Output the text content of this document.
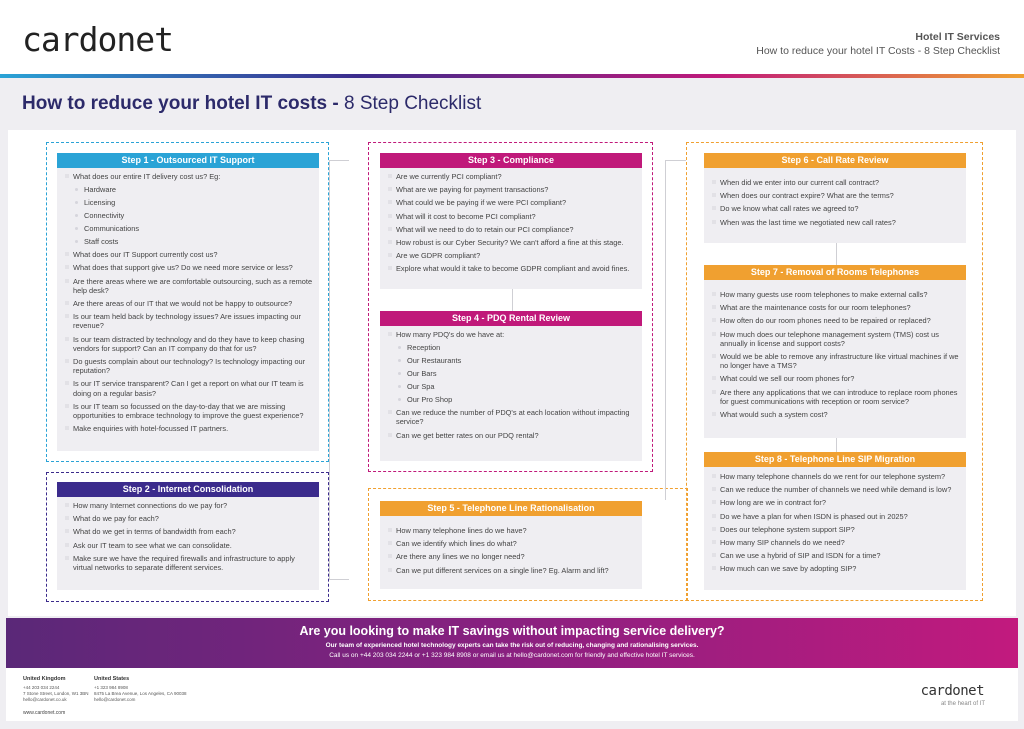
cardonet	Hotel IT Services
How to reduce your hotel IT Costs - 8 Step Checklist
How to reduce your hotel IT costs - 8 Step Checklist
Step 1 - Outsourced IT Support
What does our entire IT delivery cost us? Eg:
Hardware
Licensing
Connectivity
Communications
Staff costs
What does our IT Support currently cost us?
What does that support give us? Do we need more service or less?
Are there areas where we are comfortable outsourcing, such as a remote help desk?
Are there areas of our IT that we would not be happy to outsource?
Is our team held back by technology issues? Are issues impacting our revenue?
Is our team distracted by technology and do they have to keep chasing vendors for support? Can an IT company do that for us?
Do guests complain about our technology? Is technology impacting our reputation?
Is our IT service transparent? Can I get a report on what our IT team is doing on a regular basis?
Is our IT team so focussed on the day-to-day that we are missing opportunities to embrace technology to improve the guest experience?
Make enquiries with hotel-focussed IT partners.
Step 2 - Internet Consolidation
How many Internet connections do we pay for?
What do we pay for each?
What do we get in terms of bandwidth from each?
Ask our IT team to see what we can consolidate.
Make sure we have the required firewalls and infrastructure to apply virtual networks to separate different services.
Step 3 - Compliance
Are we currently PCI compliant?
What are we paying for payment transactions?
What could we be paying if we were PCI compliant?
What will it cost to become PCI compliant?
What will we need to do to retain our PCI compliance?
How robust is our Cyber Security? We can't afford a fine at this stage.
Are we GDPR compliant?
Explore what would it take to become GDPR compliant and avoid fines.
Step 4 - PDQ Rental Review
How many PDQ's do we have at:
Reception
Our Restaurants
Our Bars
Our Spa
Our Pro Shop
Can we reduce the number of PDQ's at each location without impacting service?
Can we get better rates on our PDQ rental?
Step 5 - Telephone Line Rationalisation
How many telephone lines do we have?
Can we identify which lines do what?
Are there any lines we no longer need?
Can we put different services on a single line? Eg. Alarm and lift?
Step 6 - Call Rate Review
When did we enter into our current call contract?
When does our contract expire? What are the terms?
Do we know what call rates we agreed to?
When was the last time we negotiated new call rates?
Step 7 - Removal of Rooms Telephones
How many guests use room telephones to make external calls?
What are the maintenance costs for our room telephones?
How often do our room phones need to be repaired or replaced?
How much does our telephone management system (TMS) cost us annually in license and support costs?
Would we be able to remove any infrastructure like virtual machines if we no longer have a TMS?
What could we sell our room phones for?
Are there any applications that we can introduce to replace room phones for guest communications with reception or room service?
What would such a system cost?
Step 8 - Telephone Line SIP Migration
How many telephone channels do we rent for our telephone system?
Can we reduce the number of channels we need while demand is low?
How long are we in contract for?
Do we have a plan for when ISDN is phased out in 2025?
Does our telephone system support SIP?
How many SIP channels do we need?
Can we use a hybrid of SIP and ISDN for a time?
How much can we save by adopting SIP?
Are you looking to make IT savings without impacting service delivery?
Our team of experienced hotel technology experts can take the risk out of reducing, changing and rationalising services.
Call us on +44 203 034 2244 or +1 323 984 8908 or email us at hello@cardonet.com for friendly and effective hotel IT services.
United Kingdom
+44 203 034 2244
7 Stone Street, London, W1 3BN
hello@cardonet.co.uk
United States
+1 323 984 8908
8475 La Brea Avenue, Los Angeles, CA 90038
hello@cardonet.com
www.cardonet.com
cardonet
at the heart of IT
